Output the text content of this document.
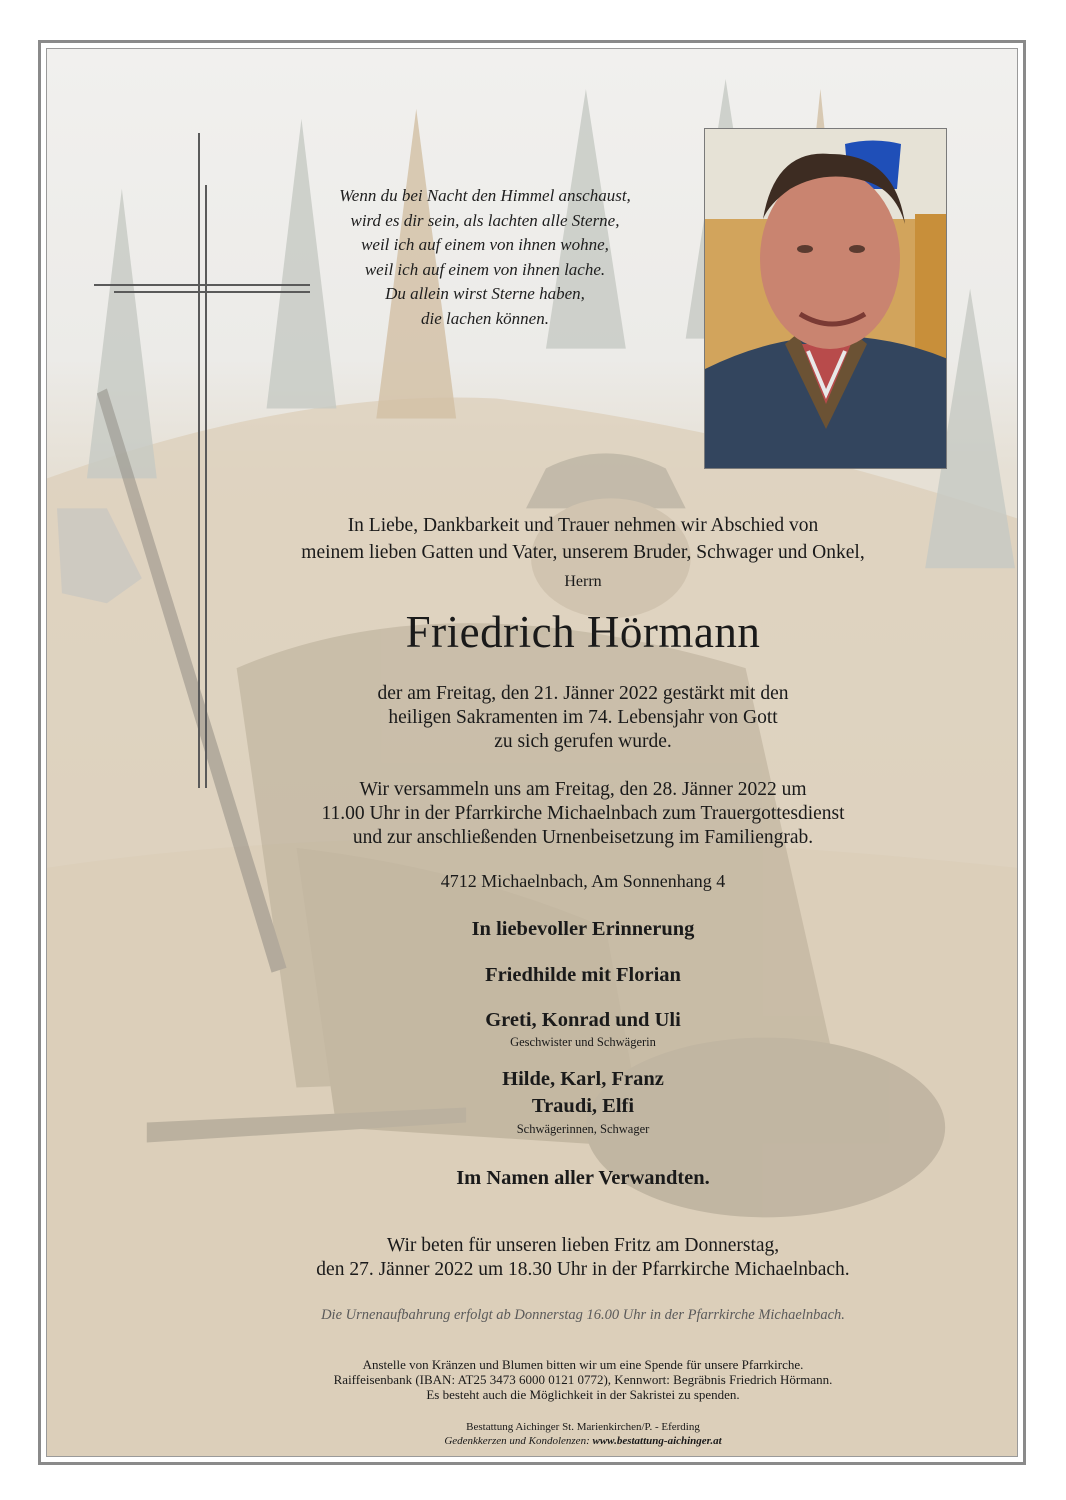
Wenn du bei Nacht den Himmel anschaust,
wird es dir sein, als lachten alle Sterne,
weil ich auf einem von ihnen wohne,
weil ich auf einem von ihnen lache.
Du allein wirst Sterne haben,
die lachen können.
In Liebe, Dankbarkeit und Trauer nehmen wir Abschied von
meinem lieben Gatten und Vater, unserem Bruder, Schwager und Onkel,
Herrn
Friedrich Hörmann
der am Freitag, den 21. Jänner 2022 gestärkt mit den
heiligen Sakramenten im 74. Lebensjahr von Gott
zu sich gerufen wurde.
Wir versammeln uns am Freitag, den 28. Jänner 2022 um
11.00 Uhr in der Pfarrkirche Michaelnbach zum Trauergottesdienst
und zur anschließenden Urnenbeisetzung im Familiengrab.
4712 Michaelnbach, Am Sonnenhang 4
In liebevoller Erinnerung
Friedhilde mit Florian
Greti, Konrad und Uli
Geschwister und Schwägerin
Hilde, Karl, Franz
Traudi, Elfi
Schwägerinnen, Schwager
Im Namen aller Verwandten.
Wir beten für unseren lieben Fritz am Donnerstag,
den 27. Jänner 2022 um 18.30 Uhr in der Pfarrkirche Michaelnbach.
Die Urnenaufbahrung erfolgt ab Donnerstag 16.00 Uhr in der Pfarrkirche Michaelnbach.
Anstelle von Kränzen und Blumen bitten wir um eine Spende für unsere Pfarrkirche.
Raiffeisenbank (IBAN: AT25 3473 6000 0121 0772), Kennwort: Begräbnis Friedrich Hörmann.
Es besteht auch die Möglichkeit in der Sakristei zu spenden.
Bestattung Aichinger St. Marienkirchen/P. - Eferding
Gedenkkerzen und Kondolenzen: www.bestattung-aichinger.at
